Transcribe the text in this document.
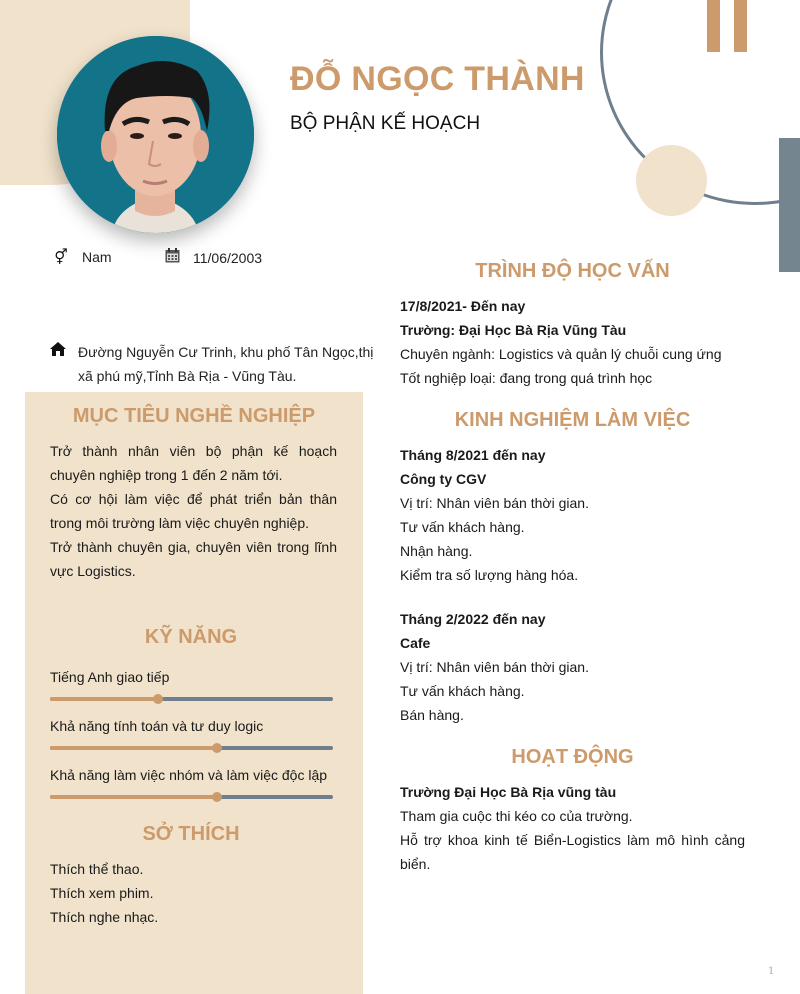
ĐỖ NGỌC THÀNH
BỘ PHẬN KẾ HOẠCH
⚥ Nam	11/06/2003
Đường Nguyễn Cư Trinh, khu phố Tân Ngọc,thị xã phú mỹ,Tỉnh Bà Rịa - Vũng Tàu.
MỤC TIÊU NGHỀ NGHIỆP

Trở thành nhân viên bộ phận kế hoạch chuyên nghiệp trong 1 đến 2 năm tới.

Có cơ hội làm việc để phát triển bản thân trong môi trường làm việc chuyên nghiệp.

Trở thành chuyên gia, chuyên viên trong lĩnh vực Logistics.

KỸ NĂNG
Tiếng Anh giao tiếp
Khả năng tính toán và tư duy logic
Khả năng làm việc nhóm và làm việc độc lập
SỞ THÍCH

Thích thể thao.

Thích xem phim.

Thích nghe nhạc.

TRÌNH ĐỘ HỌC VẤN

17/8/2021- Đến nay

Trường: Đại Học Bà Rịa Vũng Tàu

Chuyên ngành: Logistics và quản lý chuỗi cung ứng

Tốt nghiệp loại: đang trong quá trình học

KINH NGHIỆM LÀM VIỆC

Tháng 8/2021 đến nay

Công ty CGV

Vị trí: Nhân viên bán thời gian.

Tư vấn khách hàng.

Nhận hàng.

Kiểm tra số lượng hàng hóa.

Tháng 2/2022 đến nay

Cafe

Vị trí: Nhân viên bán thời gian.

Tư vấn khách hàng.

Bán hàng.

HOẠT ĐỘNG

Trường Đại Học Bà Rịa vũng tàu

Tham gia cuộc thi kéo co của trường.

Hỗ trợ khoa kinh tế Biển-Logistics làm mô hình cảng biển.

1
